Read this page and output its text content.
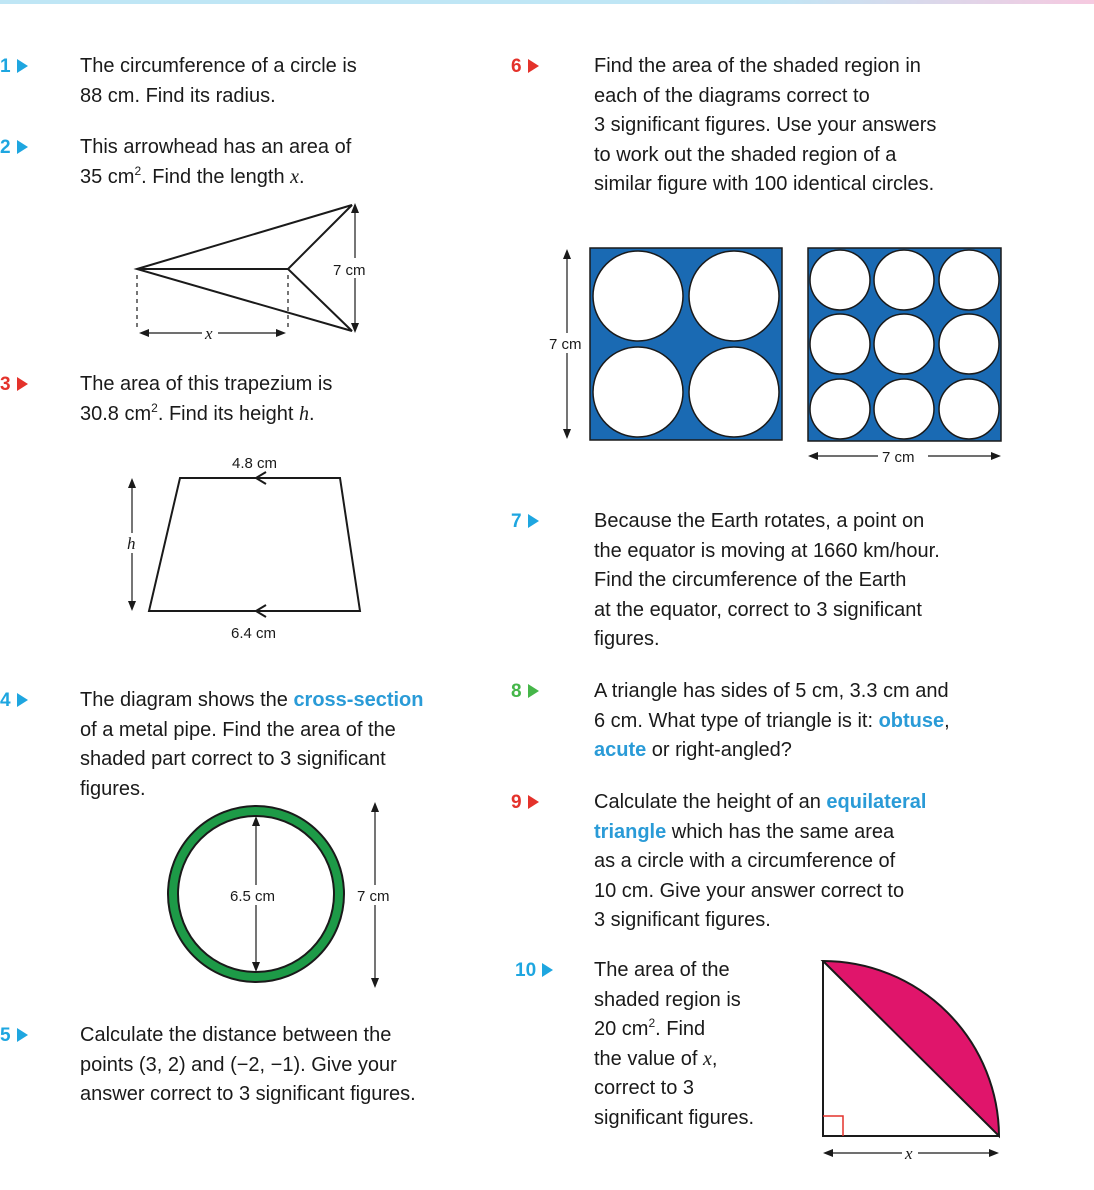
1	The circumference of a circle is
88 cm. Find its radius.
2	This arrowhead has an area of
35 $cm^2$. Find the length x.
x
7 cm
3	The area of this trapezium is
30.8 $cm^2$. Find its height h.
4.8 cm
6.4 cm
h
4	The diagram shows the cross-section
of a metal pipe. Find the area of the
shaded part correct to 3 significant
figures.
6.5 cm	7 cm
5	Calculate the distance between the
points (3, 2) and (−2, −1). Give your
answer correct to 3 significant figures.
6	Find the area of the shaded region in
each of the diagrams correct to
3 significant figures. Use your answers
to work out the shaded region of a
similar figure with 100 identical circles.
7 cm
7 cm
7	Because the Earth rotates, a point on
the equator is moving at 1660 km/hour.
Find the circumference of the Earth
at the equator, correct to 3 significant
figures.
8	A triangle has sides of 5 cm, 3.3 cm and
6 cm. What type of triangle is it: obtuse,
acute or right-angled?
9	Calculate the height of an equilateral
triangle which has the same area
as a circle with a circumference of
10 cm. Give your answer correct to
3 significant figures.
10	The area of the
shaded region is
20 $cm^2$. Find
the value of x,
correct to 3
significant figures.
x
